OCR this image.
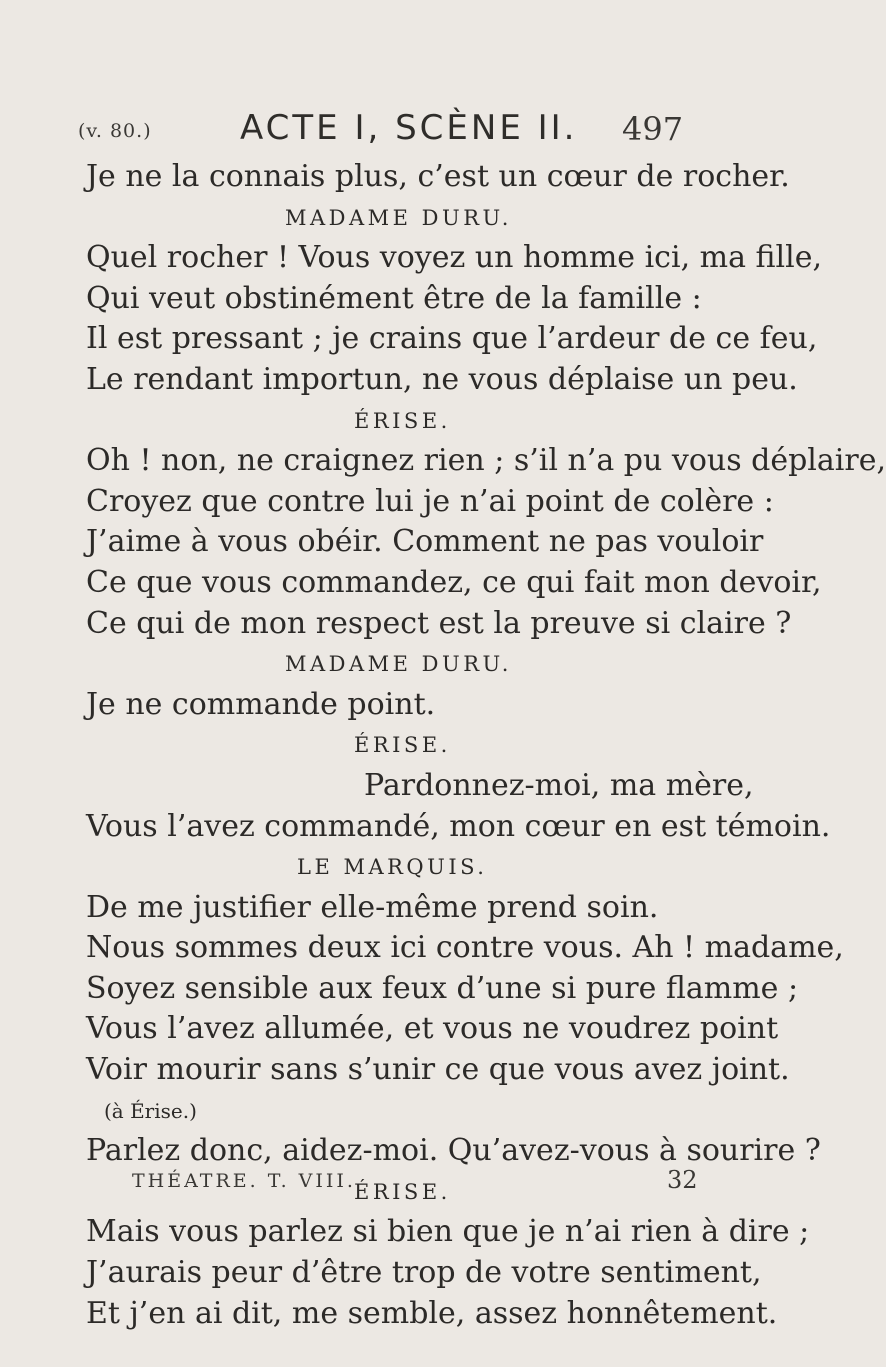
(v. 80.)	ACTE I, SCÈNE II. 497
Je ne la connais plus, c’est un cœur de rocher.
MADAME DURU.
Quel rocher ! Vous voyez un homme ici, ma fille,
Qui veut obstinément être de la famille :
Il est pressant ; je crains que l’ardeur de ce feu,
Le rendant importun, ne vous déplaise un peu.
ÉRISE.
Oh ! non, ne craignez rien ; s’il n’a pu vous déplaire,
Croyez que contre lui je n’ai point de colère :
J’aime à vous obéir. Comment ne pas vouloir
Ce que vous commandez, ce qui fait mon devoir,
Ce qui de mon respect est la preuve si claire ?
MADAME DURU.
Je ne commande point.
ÉRISE.
Pardonnez-moi, ma mère,
Vous l’avez commandé, mon cœur en est témoin.
LE MARQUIS.
De me justifier elle-même prend soin.
Nous sommes deux ici contre vous. Ah ! madame,
Soyez sensible aux feux d’une si pure flamme ;
Vous l’avez allumée, et vous ne voudrez point
Voir mourir sans s’unir ce que vous avez joint.
(à Érise.)
Parlez donc, aidez-moi. Qu’avez-vous à sourire ?
ÉRISE.
Mais vous parlez si bien que je n’ai rien à dire ;
J’aurais peur d’être trop de votre sentiment,
Et j’en ai dit, me semble, assez honnêtement.
THÉATRE. T. VIII.	32
